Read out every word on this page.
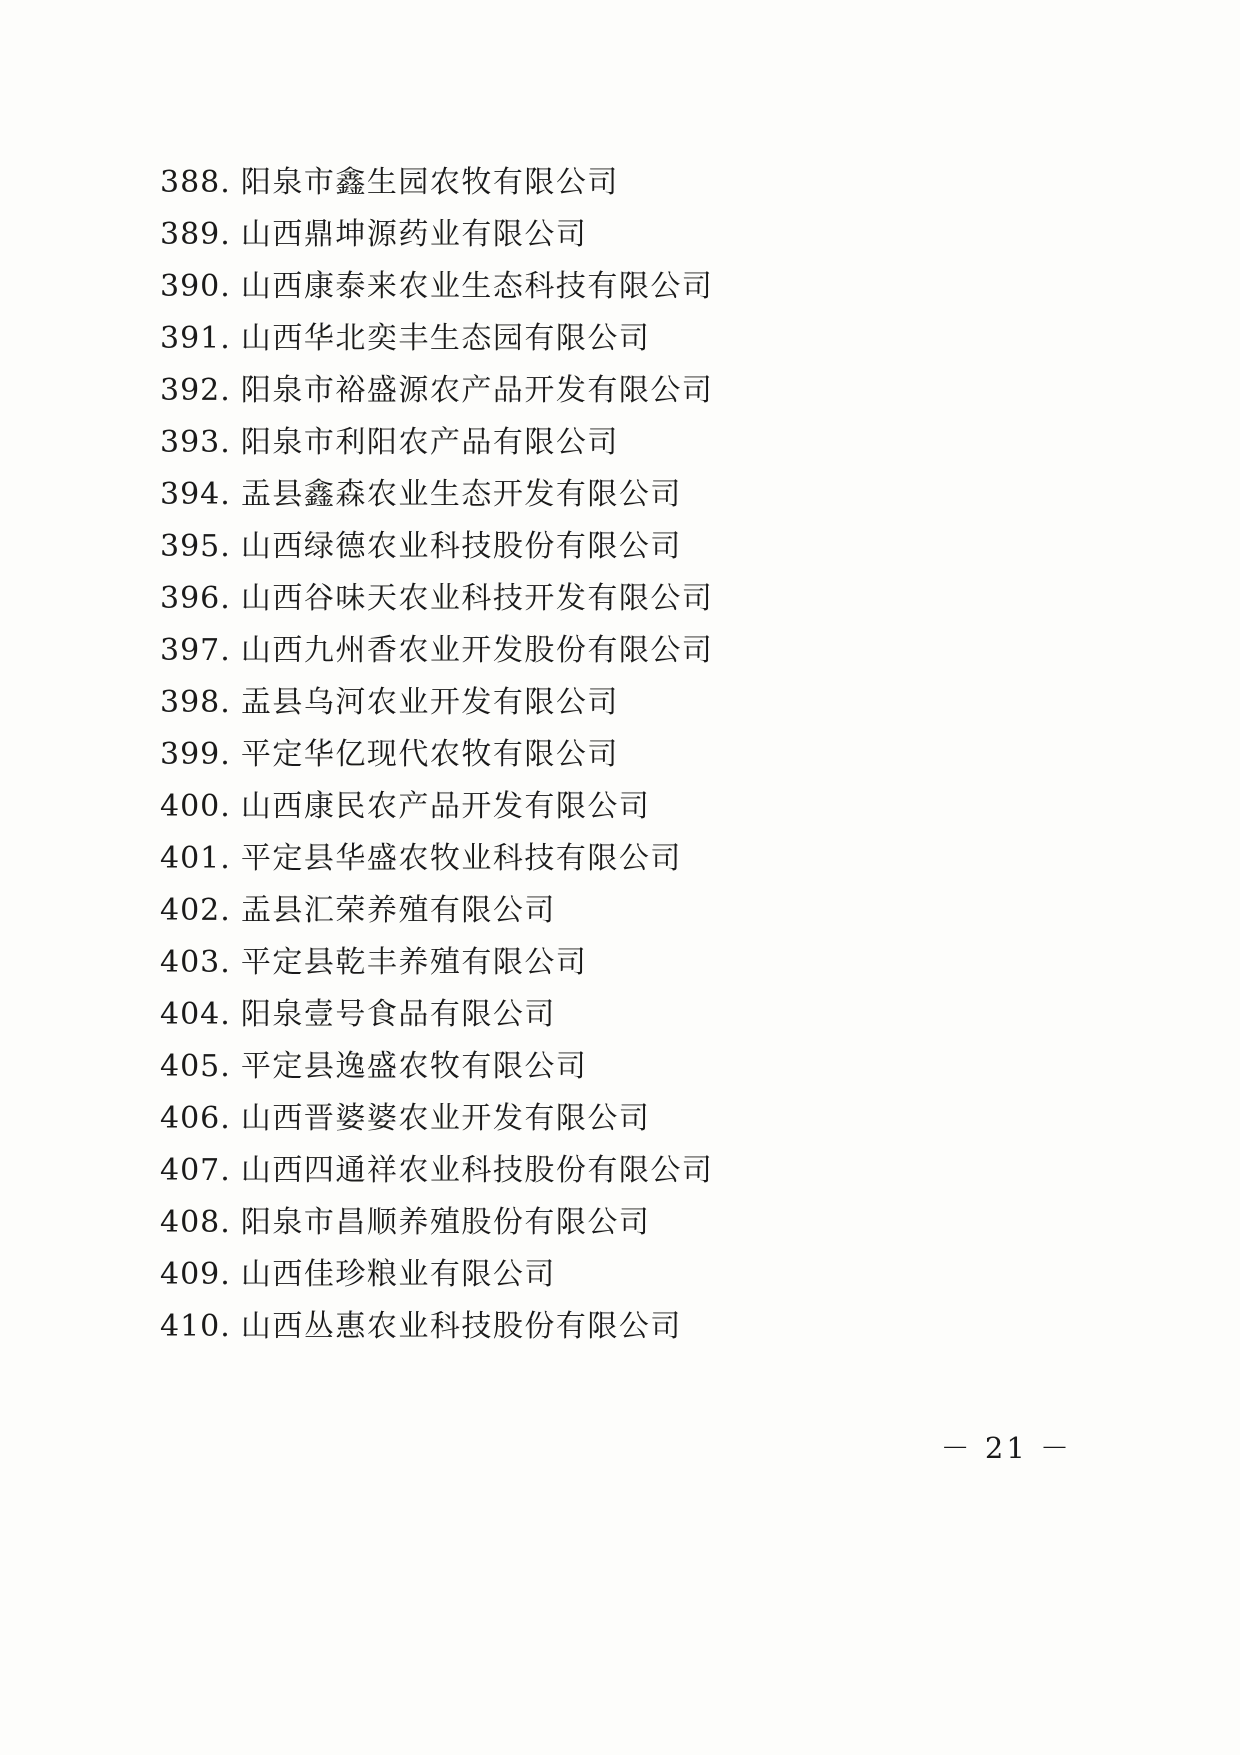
388. 阳泉市鑫生园农牧有限公司
389. 山西鼎坤源药业有限公司
390. 山西康泰来农业生态科技有限公司
391. 山西华北奕丰生态园有限公司
392. 阳泉市裕盛源农产品开发有限公司
393. 阳泉市利阳农产品有限公司
394. 盂县鑫森农业生态开发有限公司
395. 山西绿德农业科技股份有限公司
396. 山西谷味天农业科技开发有限公司
397. 山西九州香农业开发股份有限公司
398. 盂县乌河农业开发有限公司
399. 平定华亿现代农牧有限公司
400. 山西康民农产品开发有限公司
401. 平定县华盛农牧业科技有限公司
402. 盂县汇荣养殖有限公司
403. 平定县乾丰养殖有限公司
404. 阳泉壹号食品有限公司
405. 平定县逸盛农牧有限公司
406. 山西晋婆婆农业开发有限公司
407. 山西四通祥农业科技股份有限公司
408. 阳泉市昌顺养殖股份有限公司
409. 山西佳珍粮业有限公司
410. 山西丛惠农业科技股份有限公司
－ 21 －
